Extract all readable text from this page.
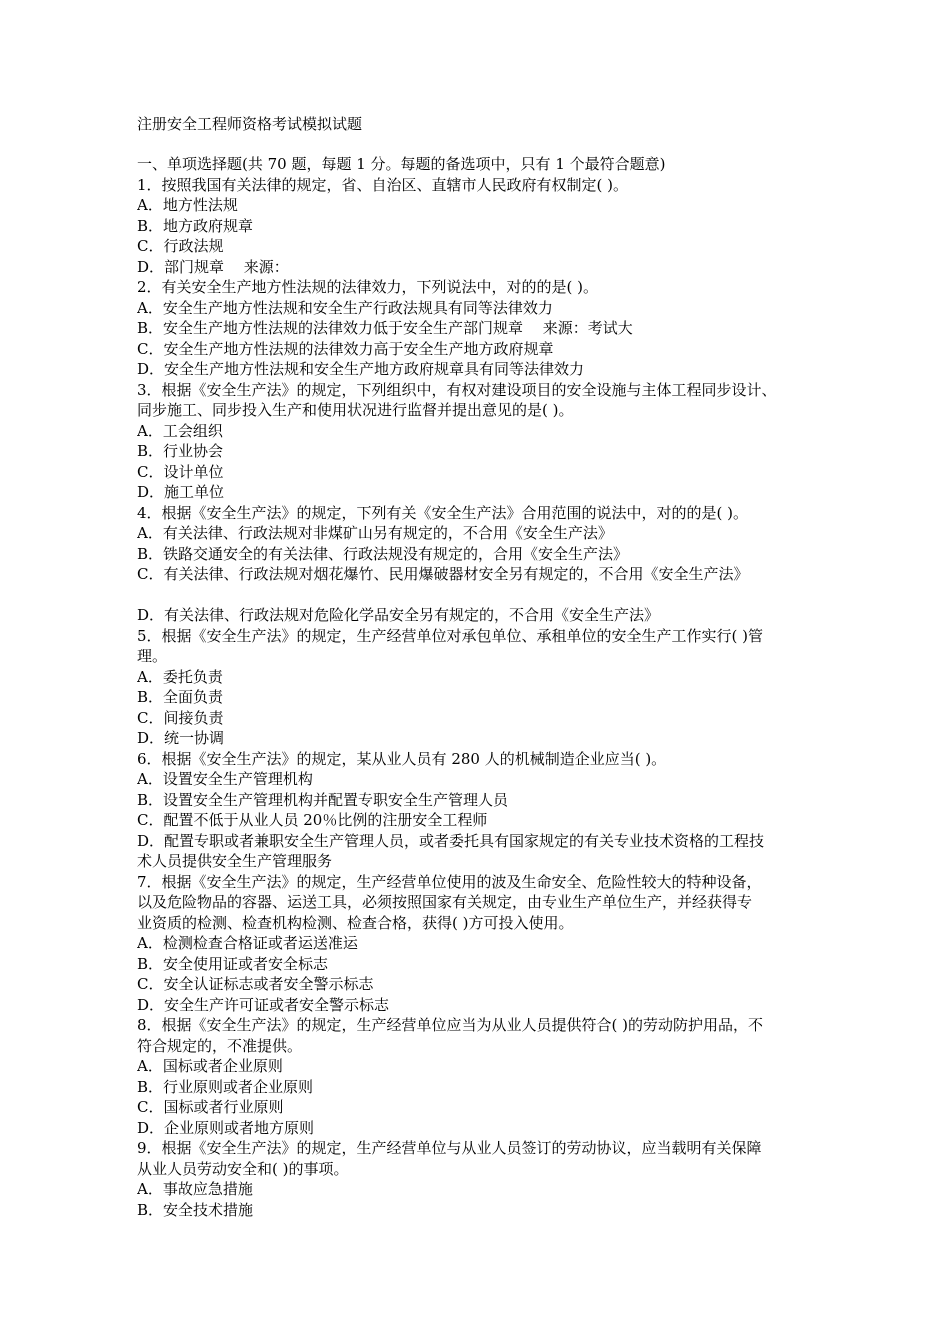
注册安全工程师资格考试模拟试题
一、单项选择题(共 70 题，每题 1 分。每题的备选项中，只有 1 个最符合题意)
1．按照我国有关法律的规定，省、自治区、直辖市人民政府有权制定( )。
A．地方性法规
B．地方政府规章
C．行政法规
D．部门规章　 来源：
2．有关安全生产地方性法规的法律效力，下列说法中，对的的是( )。
A．安全生产地方性法规和安全生产行政法规具有同等法律效力
B．安全生产地方性法规的法律效力低于安全生产部门规章　 来源：考试大
C．安全生产地方性法规的法律效力高于安全生产地方政府规章
D．安全生产地方性法规和安全生产地方政府规章具有同等法律效力
3．根据《安全生产法》的规定，下列组织中，有权对建设项目的安全设施与主体工程同步设计、
同步施工、同步投入生产和使用状况进行监督并提出意见的是( )。
A．工会组织
B．行业协会
C．设计单位
D．施工单位
4．根据《安全生产法》的规定，下列有关《安全生产法》合用范围的说法中，对的的是( )。
A．有关法律、行政法规对非煤矿山另有规定的，不合用《安全生产法》
B．铁路交通安全的有关法律、行政法规没有规定的，合用《安全生产法》
C．有关法律、行政法规对烟花爆竹、民用爆破器材安全另有规定的，不合用《安全生产法》
D．有关法律、行政法规对危险化学品安全另有规定的，不合用《安全生产法》
5．根据《安全生产法》的规定，生产经营单位对承包单位、承租单位的安全生产工作实行( )管
理。
A．委托负责
B．全面负责
C．间接负责
D．统一协调
6．根据《安全生产法》的规定，某从业人员有 280 人的机械制造企业应当( )。
A．设置安全生产管理机构
B．设置安全生产管理机构并配置专职安全生产管理人员
C．配置不低于从业人员 20％比例的注册安全工程师
D．配置专职或者兼职安全生产管理人员，或者委托具有国家规定的有关专业技术资格的工程技
术人员提供安全生产管理服务
7．根据《安全生产法》的规定，生产经营单位使用的波及生命安全、危险性较大的特种设备，
以及危险物品的容器、运送工具，必须按照国家有关规定，由专业生产单位生产，并经获得专
业资质的检测、检查机构检测、检查合格，获得( )方可投入使用。
A．检测检查合格证或者运送准运
B．安全使用证或者安全标志
C．安全认证标志或者安全警示标志
D．安全生产许可证或者安全警示标志
8．根据《安全生产法》的规定，生产经营单位应当为从业人员提供符合( )的劳动防护用品，不
符合规定的，不准提供。
A．国标或者企业原则
B．行业原则或者企业原则
C．国标或者行业原则
D．企业原则或者地方原则
9．根据《安全生产法》的规定，生产经营单位与从业人员签订的劳动协议，应当载明有关保障
从业人员劳动安全和( )的事项。
A．事故应急措施
B．安全技术措施
